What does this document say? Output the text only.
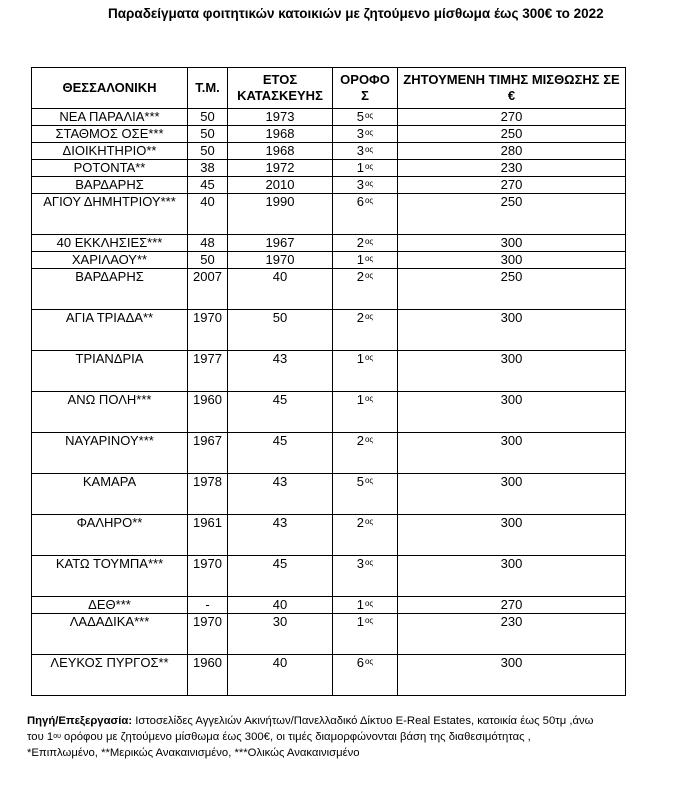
Παραδείγματα φοιτητικών κατοικιών με ζητούμενο μίσθωμα έως 300€ το 2022
ΘΕΣΣΑΛΟΝΙΚΗ	Τ.Μ.	ΕΤΟΣ ΚΑΤΑΣΚΕΥΗΣ	ΟΡΟΦΟ Σ	ΖΗΤΟΥΜΕΝΗ ΤΙΜΗΣ ΜΙΣΘΩΣΗΣ ΣΕ €
ΝΕΑ ΠΑΡΑΛΙΑ***	50	1973	$5^{o\varsigma}$	270
ΣΤΑΘΜΟΣ ΟΣΕ***	50	1968	$3^{o\varsigma}$	250
ΔΙΟΙΚΗΤΗΡΙΟ**	50	1968	$3^{o\varsigma}$	280
ΡΟΤΟΝΤΑ**	38	1972	$1^{o\varsigma}$	230
ΒΑΡΔΑΡΗΣ	45	2010	$3^{o\varsigma}$	270
ΑΓΙΟΥ ΔΗΜΗΤΡΙΟΥ***	40	1990	$6^{o\varsigma}$	250
40 ΕΚΚΛΗΣΙΕΣ***	48	1967	$2^{o\varsigma}$	300
ΧΑΡΙΛΑΟΥ**	50	1970	$1^{o\varsigma}$	300
ΒΑΡΔΑΡΗΣ	2007	40	$2^{o\varsigma}$	250
ΑΓΙΑ ΤΡΙΑΔΑ**	1970	50	$2^{o\varsigma}$	300
ΤΡΙΑΝΔΡΙΑ	1977	43	$1^{o\varsigma}$	300
ΑΝΩ ΠΟΛΗ***	1960	45	$1^{o\varsigma}$	300
ΝΑΥΑΡΙΝΟΥ***	1967	45	$2^{o\varsigma}$	300
ΚΑΜΑΡΑ	1978	43	$5^{o\varsigma}$	300
ΦΑΛΗΡΟ**	1961	43	$2^{o\varsigma}$	300
ΚΑΤΩ ΤΟΥΜΠΑ***	1970	45	$3^{o\varsigma}$	300
ΔΕΘ***	-	40	$1^{o\varsigma}$	270
ΛΑΔΑΔΙΚΑ***	1970	30	$1^{o\varsigma}$	230
ΛΕΥΚΟΣ ΠΥΡΓΟΣ**	1960	40	$6^{o\varsigma}$	300
Πηγή/Επεξεργασία: Ιστοσελίδες Αγγελιών Ακινήτων/Πανελλαδικό Δίκτυο E-Real Estates, κατοικία έως 50τμ ,άνω
του $1^{o\upsilon}$ ορόφου με ζητούμενο μίσθωμα έως 300€, οι τιμές διαμορφώνονται βάση της διαθεσιμότητας ,
*Επιπλωμένο, **Μερικώς Ανακαινισμένο, ***Ολικώς Ανακαινισμένο
